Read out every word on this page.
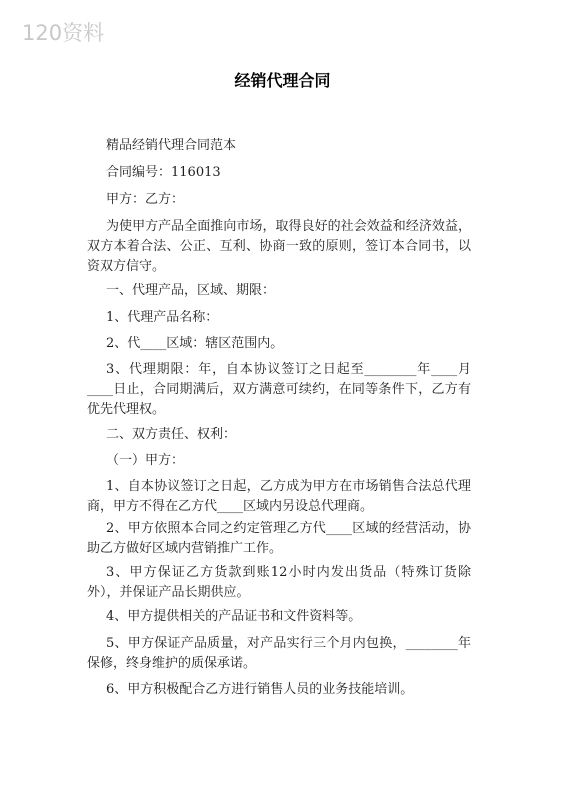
120资料
经销代理合同
精品经销代理合同范本
合同编号：116013
甲方：乙方：
为使甲方产品全面推向市场，取得良好的社会效益和经济效益，双方本着合法、公正、互利、协商一致的原则，签订本合同书，以资双方信守。
一、代理产品，区域、期限：
1、代理产品名称：
2、代____区域：辖区范围内。
3、代理期限：年，自本协议签订之日起至________年____月____日止，合同期满后，双方满意可续约，在同等条件下，乙方有优先代理权。
二、双方责任、权利：
（一）甲方：
1、自本协议签订之日起，乙方成为甲方在市场销售合法总代理商，甲方不得在乙方代____区域内另设总代理商。
2、甲方依照本合同之约定管理乙方代____区域的经营活动，协助乙方做好区域内营销推广工作。
3、甲方保证乙方货款到账12小时内发出货品（特殊订货除外），并保证产品长期供应。
4、甲方提供相关的产品证书和文件资料等。
5、甲方保证产品质量，对产品实行三个月内包换，________年保修，终身维护的质保承诺。
6、甲方积极配合乙方进行销售人员的业务技能培训。
